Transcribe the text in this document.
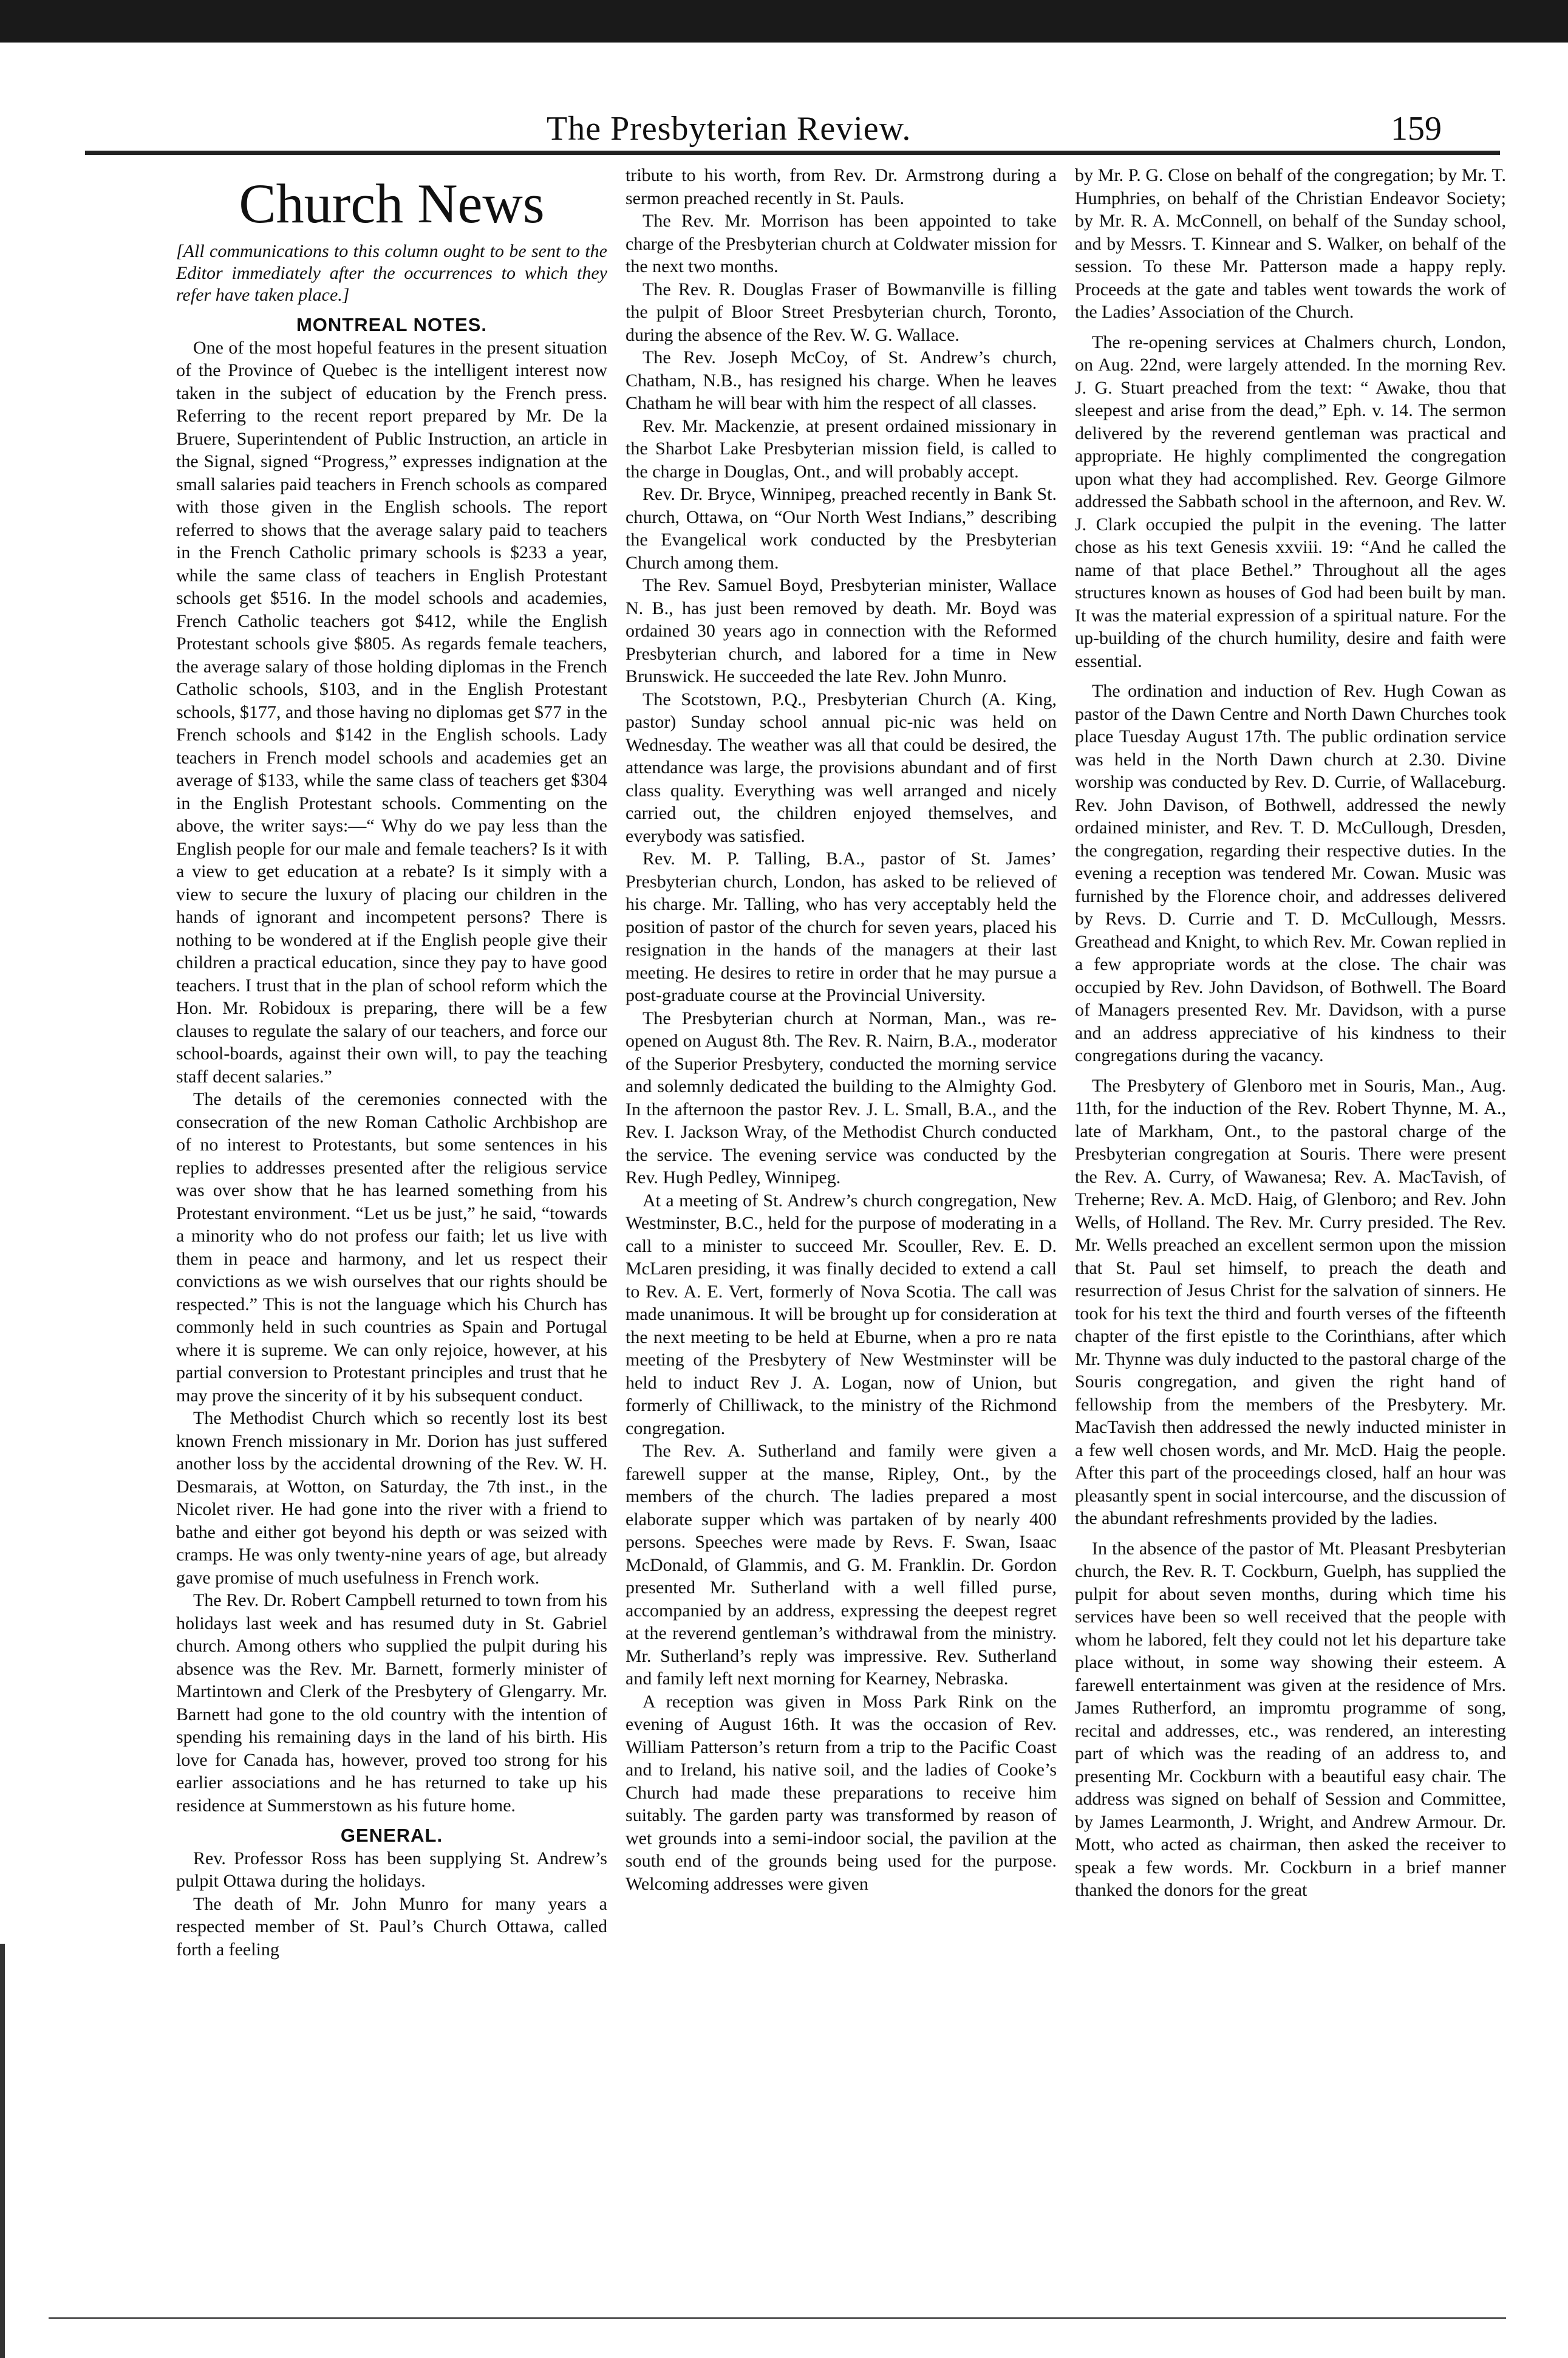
The Presbyterian Review.	159
Church News

[All communications to this column ought to be sent to the Editor immediately after the occurrences to which they refer have taken place.]

MONTREAL NOTES.

One of the most hopeful features in the present situation of the Province of Quebec is the intelligent interest now taken in the subject of education by the French press. Referring to the recent report prepared by Mr. De la Bruere, Superintendent of Public Instruction, an article in the Signal, signed “Progress,” expresses indignation at the small salaries paid teachers in French schools as compared with those given in the English schools. The report referred to shows that the average salary paid to teachers in the French Catholic primary schools is $233 a year, while the same class of teachers in English Protestant schools get $516. In the model schools and academies, French Catholic teachers got $412, while the English Protestant schools give $805. As regards female teachers, the average salary of those holding diplomas in the French Catholic schools, $103, and in the English Protestant schools, $177, and those having no diplomas get $77 in the French schools and $142 in the English schools. Lady teachers in French model schools and academies get an average of $133, while the same class of teachers get $304 in the English Protestant schools. Commenting on the above, the writer says:—“ Why do we pay less than the English people for our male and female teachers? Is it with a view to get education at a rebate? Is it simply with a view to secure the luxury of placing our children in the hands of ignorant and incompetent persons? There is nothing to be wondered at if the English people give their children a practical education, since they pay to have good teachers. I trust that in the plan of school reform which the Hon. Mr. Robidoux is preparing, there will be a few clauses to regulate the salary of our teachers, and force our school-boards, against their own will, to pay the teaching staff decent salaries.”

The details of the ceremonies connected with the consecration of the new Roman Catholic Archbishop are of no interest to Protestants, but some sentences in his replies to addresses presented after the religious service was over show that he has learned something from his Protestant environment. “Let us be just,” he said, “towards a minority who do not profess our faith; let us live with them in peace and harmony, and let us respect their convictions as we wish ourselves that our rights should be respected.” This is not the language which his Church has commonly held in such countries as Spain and Portugal where it is supreme. We can only rejoice, however, at his partial conversion to Protestant principles and trust that he may prove the sincerity of it by his subsequent conduct.

The Methodist Church which so recently lost its best known French missionary in Mr. Dorion has just suffered another loss by the accidental drowning of the Rev. W. H. Desmarais, at Wotton, on Saturday, the 7th inst., in the Nicolet river. He had gone into the river with a friend to bathe and either got beyond his depth or was seized with cramps. He was only twenty-nine years of age, but already gave promise of much usefulness in French work.

The Rev. Dr. Robert Campbell returned to town from his holidays last week and has resumed duty in St. Gabriel church. Among others who supplied the pulpit during his absence was the Rev. Mr. Barnett, formerly minister of Martintown and Clerk of the Presbytery of Glengarry. Mr. Barnett had gone to the old country with the intention of spending his remaining days in the land of his birth. His love for Canada has, however, proved too strong for his earlier associations and he has returned to take up his residence at Summerstown as his future home.

GENERAL.

Rev. Professor Ross has been supplying St. Andrew’s pulpit Ottawa during the holidays.

The death of Mr. John Munro for many years a respected member of St. Paul’s Church Ottawa, called forth a feeling

tribute to his worth, from Rev. Dr. Armstrong during a sermon preached recently in St. Pauls.

The Rev. Mr. Morrison has been appointed to take charge of the Presbyterian church at Coldwater mission for the next two months.

The Rev. R. Douglas Fraser of Bowmanville is filling the pulpit of Bloor Street Presbyterian church, Toronto, during the absence of the Rev. W. G. Wallace.

The Rev. Joseph McCoy, of St. Andrew’s church, Chatham, N.B., has resigned his charge. When he leaves Chatham he will bear with him the respect of all classes.

Rev. Mr. Mackenzie, at present ordained missionary in the Sharbot Lake Presbyterian mission field, is called to the charge in Douglas, Ont., and will probably accept.

Rev. Dr. Bryce, Winnipeg, preached recently in Bank St. church, Ottawa, on “Our North West Indians,” describing the Evangelical work conducted by the Presbyterian Church among them.

The Rev. Samuel Boyd, Presbyterian minister, Wallace N. B., has just been removed by death. Mr. Boyd was ordained 30 years ago in connection with the Reformed Presbyterian church, and labored for a time in New Brunswick. He succeeded the late Rev. John Munro.

The Scotstown, P.Q., Presbyterian Church (A. King, pastor) Sunday school annual pic-nic was held on Wednesday. The weather was all that could be desired, the attendance was large, the provisions abundant and of first class quality. Everything was well arranged and nicely carried out, the children enjoyed themselves, and everybody was satisfied.

Rev. M. P. Talling, B.A., pastor of St. James’ Presbyterian church, London, has asked to be relieved of his charge. Mr. Talling, who has very acceptably held the position of pastor of the church for seven years, placed his resignation in the hands of the managers at their last meeting. He desires to retire in order that he may pursue a post-graduate course at the Provincial University.

The Presbyterian church at Norman, Man., was re-opened on August 8th. The Rev. R. Nairn, B.A., moderator of the Superior Presbytery, conducted the morning service and solemnly dedicated the building to the Almighty God. In the afternoon the pastor Rev. J. L. Small, B.A., and the Rev. I. Jackson Wray, of the Methodist Church conducted the service. The evening service was conducted by the Rev. Hugh Pedley, Winnipeg.

At a meeting of St. Andrew’s church congregation, New Westminster, B.C., held for the purpose of moderating in a call to a minister to succeed Mr. Scouller, Rev. E. D. McLaren presiding, it was finally decided to extend a call to Rev. A. E. Vert, formerly of Nova Scotia. The call was made unanimous. It will be brought up for consideration at the next meeting to be held at Eburne, when a pro re nata meeting of the Presbytery of New Westminster will be held to induct Rev J. A. Logan, now of Union, but formerly of Chilliwack, to the ministry of the Richmond congregation.

The Rev. A. Sutherland and family were given a farewell supper at the manse, Ripley, Ont., by the members of the church. The ladies prepared a most elaborate supper which was partaken of by nearly 400 persons. Speeches were made by Revs. F. Swan, Isaac McDonald, of Glammis, and G. M. Franklin. Dr. Gordon presented Mr. Sutherland with a well filled purse, accompanied by an address, expressing the deepest regret at the reverend gentleman’s withdrawal from the ministry. Mr. Sutherland’s reply was impressive. Rev. Sutherland and family left next morning for Kearney, Nebraska.

A reception was given in Moss Park Rink on the evening of August 16th. It was the occasion of Rev. William Patterson’s return from a trip to the Pacific Coast and to Ireland, his native soil, and the ladies of Cooke’s Church had made these preparations to receive him suitably. The garden party was transformed by reason of wet grounds into a semi-indoor social, the pavilion at the south end of the grounds being used for the purpose. Welcoming addresses were given

by Mr. P. G. Close on behalf of the congregation; by Mr. T. Humphries, on behalf of the Christian Endeavor Society; by Mr. R. A. McConnell, on behalf of the Sunday school, and by Messrs. T. Kinnear and S. Walker, on behalf of the session. To these Mr. Patterson made a happy reply. Proceeds at the gate and tables went towards the work of the Ladies’ Association of the Church.

The re-opening services at Chalmers church, London, on Aug. 22nd, were largely attended. In the morning Rev. J. G. Stuart preached from the text: “ Awake, thou that sleepest and arise from the dead,” Eph. v. 14. The sermon delivered by the reverend gentleman was practical and appropriate. He highly complimented the congregation upon what they had accomplished. Rev. George Gilmore addressed the Sabbath school in the afternoon, and Rev. W. J. Clark occupied the pulpit in the evening. The latter chose as his text Genesis xxviii. 19: “And he called the name of that place Bethel.” Throughout all the ages structures known as houses of God had been built by man. It was the material expression of a spiritual nature. For the up-building of the church humility, desire and faith were essential.

The ordination and induction of Rev. Hugh Cowan as pastor of the Dawn Centre and North Dawn Churches took place Tuesday August 17th. The public ordination service was held in the North Dawn church at 2.30. Divine worship was conducted by Rev. D. Currie, of Wallaceburg. Rev. John Davison, of Bothwell, addressed the newly ordained minister, and Rev. T. D. McCullough, Dresden, the congregation, regarding their respective duties. In the evening a reception was tendered Mr. Cowan. Music was furnished by the Florence choir, and addresses delivered by Revs. D. Currie and T. D. McCullough, Messrs. Greathead and Knight, to which Rev. Mr. Cowan replied in a few appropriate words at the close. The chair was occupied by Rev. John Davidson, of Bothwell. The Board of Managers presented Rev. Mr. Davidson, with a purse and an address appreciative of his kindness to their congregations during the vacancy.

The Presbytery of Glenboro met in Souris, Man., Aug. 11th, for the induction of the Rev. Robert Thynne, M. A., late of Markham, Ont., to the pastoral charge of the Presbyterian congregation at Souris. There were present the Rev. A. Curry, of Wawanesa; Rev. A. MacTavish, of Treherne; Rev. A. McD. Haig, of Glenboro; and Rev. John Wells, of Holland. The Rev. Mr. Curry presided. The Rev. Mr. Wells preached an excellent sermon upon the mission that St. Paul set himself, to preach the death and resurrection of Jesus Christ for the salvation of sinners. He took for his text the third and fourth verses of the fifteenth chapter of the first epistle to the Corinthians, after which Mr. Thynne was duly inducted to the pastoral charge of the Souris congregation, and given the right hand of fellowship from the members of the Presbytery. Mr. MacTavish then addressed the newly inducted minister in a few well chosen words, and Mr. McD. Haig the people. After this part of the proceedings closed, half an hour was pleasantly spent in social intercourse, and the discussion of the abundant refreshments provided by the ladies.

In the absence of the pastor of Mt. Pleasant Presbyterian church, the Rev. R. T. Cockburn, Guelph, has supplied the pulpit for about seven months, during which time his services have been so well received that the people with whom he labored, felt they could not let his departure take place without, in some way showing their esteem. A farewell entertainment was given at the residence of Mrs. James Rutherford, an impromtu programme of song, recital and addresses, etc., was rendered, an interesting part of which was the reading of an address to, and presenting Mr. Cockburn with a beautiful easy chair. The address was signed on behalf of Session and Committee, by James Learmonth, J. Wright, and Andrew Armour. Dr. Mott, who acted as chairman, then asked the receiver to speak a few words. Mr. Cockburn in a brief manner thanked the donors for the great
